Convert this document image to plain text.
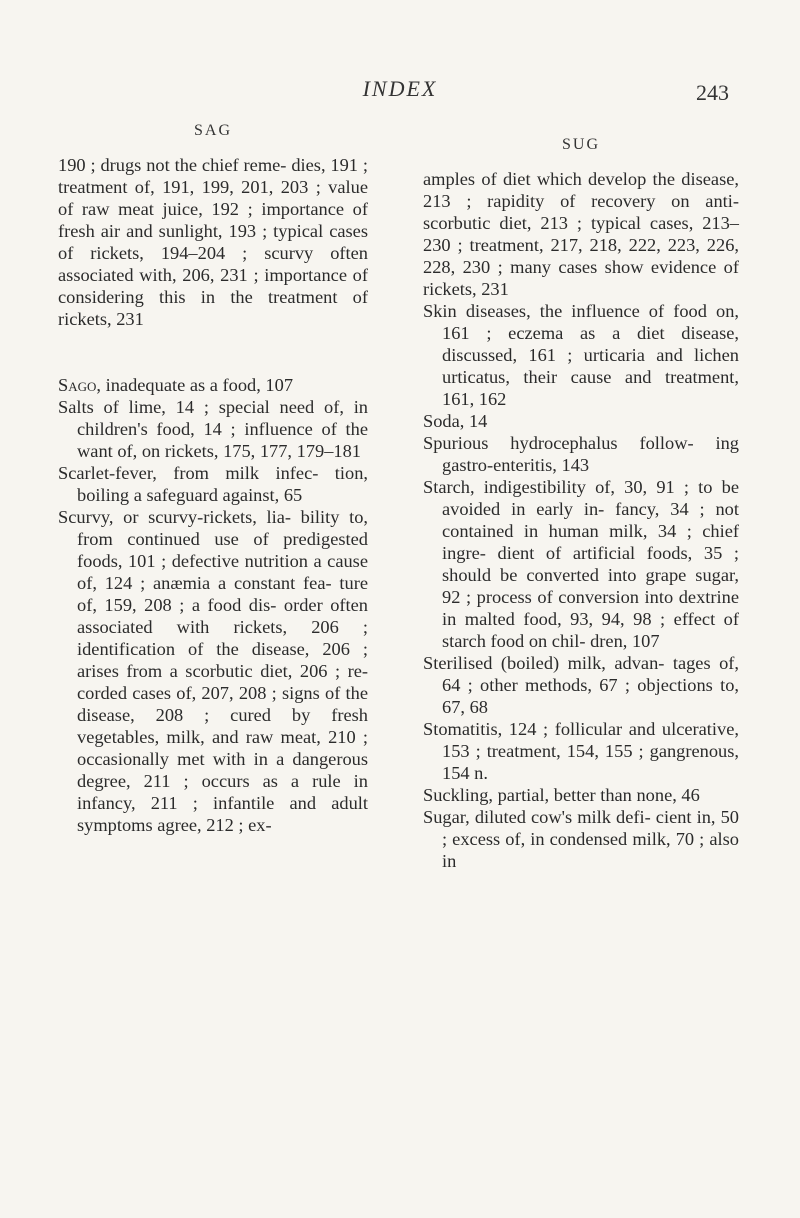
INDEX	243
SAG

190 ; drugs not the chief reme- dies, 191 ; treatment of, 191, 199, 201, 203 ; value of raw meat juice, 192 ; importance of fresh air and sunlight, 193 ; typical cases of rickets, 194–204 ; scurvy often associated with, 206, 231 ; importance of considering this in the treatment of rickets, 231

Sago, inadequate as a food, 107

Salts of lime, 14 ; special need of, in children's food, 14 ; influence of the want of, on rickets, 175, 177, 179–181

Scarlet-fever, from milk infec- tion, boiling a safeguard against, 65

Scurvy, or scurvy-rickets, lia- bility to, from continued use of predigested foods, 101 ; defective nutrition a cause of, 124 ; anæmia a constant fea- ture of, 159, 208 ; a food dis- order often associated with rickets, 206 ; identification of the disease, 206 ; arises from a scorbutic diet, 206 ; re- corded cases of, 207, 208 ; signs of the disease, 208 ; cured by fresh vegetables, milk, and raw meat, 210 ; occasionally met with in a dangerous degree, 211 ; occurs as a rule in infancy, 211 ; infantile and adult symptoms agree, 212 ; ex-

SUG

amples of diet which develop the disease, 213 ; rapidity of recovery on anti-scorbutic diet, 213 ; typical cases, 213–230 ; treatment, 217, 218, 222, 223, 226, 228, 230 ; many cases show evidence of rickets, 231

Skin diseases, the influence of food on, 161 ; eczema as a diet disease, discussed, 161 ; urticaria and lichen urticatus, their cause and treatment, 161, 162

Soda, 14

Spurious hydrocephalus follow- ing gastro-enteritis, 143

Starch, indigestibility of, 30, 91 ; to be avoided in early in- fancy, 34 ; not contained in human milk, 34 ; chief ingre- dient of artificial foods, 35 ; should be converted into grape sugar, 92 ; process of conversion into dextrine in malted food, 93, 94, 98 ; effect of starch food on chil- dren, 107

Sterilised (boiled) milk, advan- tages of, 64 ; other methods, 67 ; objections to, 67, 68

Stomatitis, 124 ; follicular and ulcerative, 153 ; treatment, 154, 155 ; gangrenous, 154 n.

Suckling, partial, better than none, 46

Sugar, diluted cow's milk defi- cient in, 50 ; excess of, in condensed milk, 70 ; also in
